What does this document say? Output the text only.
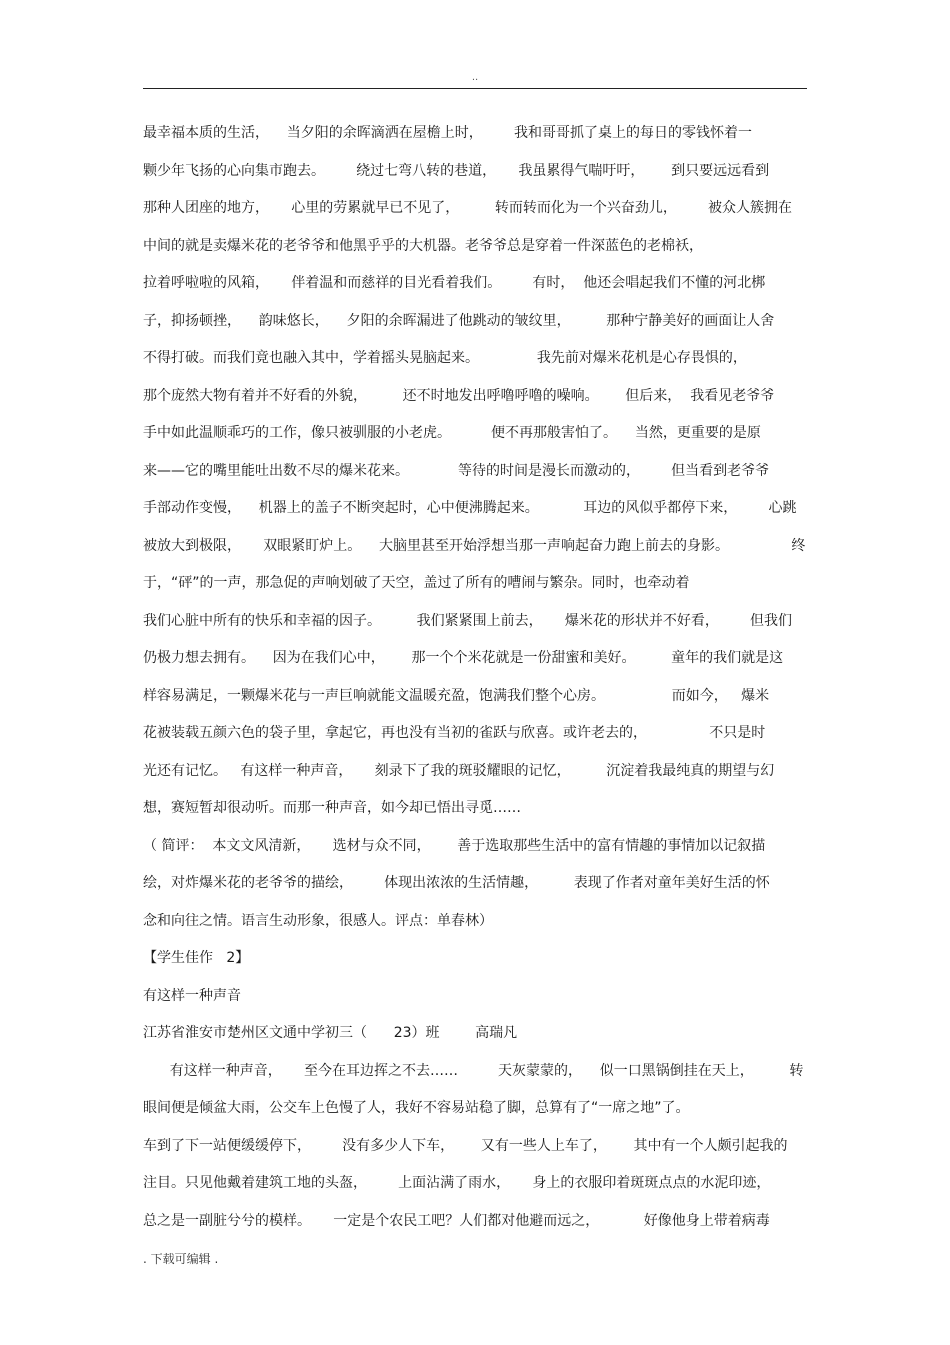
..
最幸福本质的生活，    当夕阳的余晖滴洒在屋檐上时，       我和哥哥抓了桌上的每日的零钱怀着一
颗少年飞扬的心向集市跑去。       绕过七弯八转的巷道，     我虽累得气喘吁吁，      到只要远远看到
那种人团座的地方，     心里的劳累就早已不见了，        转而转而化为一个兴奋劲儿，       被众人簇拥在
中间的就是卖爆米花的老爷爷和他黑乎乎的大机器。老爷爷总是穿着一件深蓝色的老棉袄，
拉着呼啦啦的风箱，     伴着温和而慈祥的目光看着我们。       有时，  他还会唱起我们不懂的河北梆
子，抑扬顿挫，    韵味悠长，    夕阳的余晖漏进了他跳动的皱纹里，        那种宁静美好的画面让人舍
不得打破。而我们竟也融入其中，学着摇头晃脑起来。             我先前对爆米花机是心存畏惧的，
那个庞然大物有着并不好看的外貌，        还不时地发出呼噜呼噜的噪响。      但后来，  我看见老爷爷
手中如此温顺乖巧的工作，像只被驯服的小老虎。         便不再那般害怕了。    当然，更重要的是原
来——它的嘴里能吐出数不尽的爆米花来。           等待的时间是漫长而激动的，       但当看到老爷爷
手部动作变慢，    机器上的盖子不断突起时，心中便沸腾起来。          耳边的风似乎都停下来，       心跳
被放大到极限，     双眼紧盯炉上。    大脑里甚至开始浮想当那一声响起奋力跑上前去的身影。              终
于，“砰”的一声，那急促的声响划破了天空，盖过了所有的嘈闹与繁杂。同时，也牵动着
我们心脏中所有的快乐和幸福的因子。        我们紧紧围上前去，     爆米花的形状并不好看，       但我们
仍极力想去拥有。    因为在我们心中，      那一个个米花就是一份甜蜜和美好。        童年的我们就是这
样容易满足，一颗爆米花与一声巨响就能文温暖充盈，饱满我们整个心房。               而如今，   爆米
花被装载五颜六色的袋子里，拿起它，再也没有当初的雀跃与欣喜。或许老去的，              不只是时
光还有记忆。   有这样一种声音，     刻录下了我的斑驳耀眼的记忆，        沉淀着我最纯真的期望与幻
想，赛短暂却很动听。而那一种声音，如今却已悟出寻觅……
（ 简评：  本文文风清新，     选材与众不同，      善于选取那些生活中的富有情趣的事情加以记叙描
绘，对炸爆米花的老爷爷的描绘，       体现出浓浓的生活情趣，        表现了作者对童年美好生活的怀
念和向往之情。语言生动形象，很感人。评点：单春林）
【学生佳作   2】
有这样一种声音
江苏省淮安市楚州区文通中学初三（      23）班        高瑞凡
有这样一种声音，     至今在耳边挥之不去……         天灰蒙蒙的，    似一口黑锅倒挂在天上，        转
眼间便是倾盆大雨，公交车上色慢了人，我好不容易站稳了脚，总算有了“一席之地”了。
车到了下一站便缓缓停下，       没有多少人下车，      又有一些人上车了，      其中有一个人颇引起我的
注目。只见他戴着建筑工地的头盔，       上面沾满了雨水，     身上的衣服印着斑斑点点的水泥印迹，
总之是一副脏兮兮的模样。     一定是个农民工吧？人们都对他避而远之，          好像他身上带着病毒
. 下载可编辑 .
